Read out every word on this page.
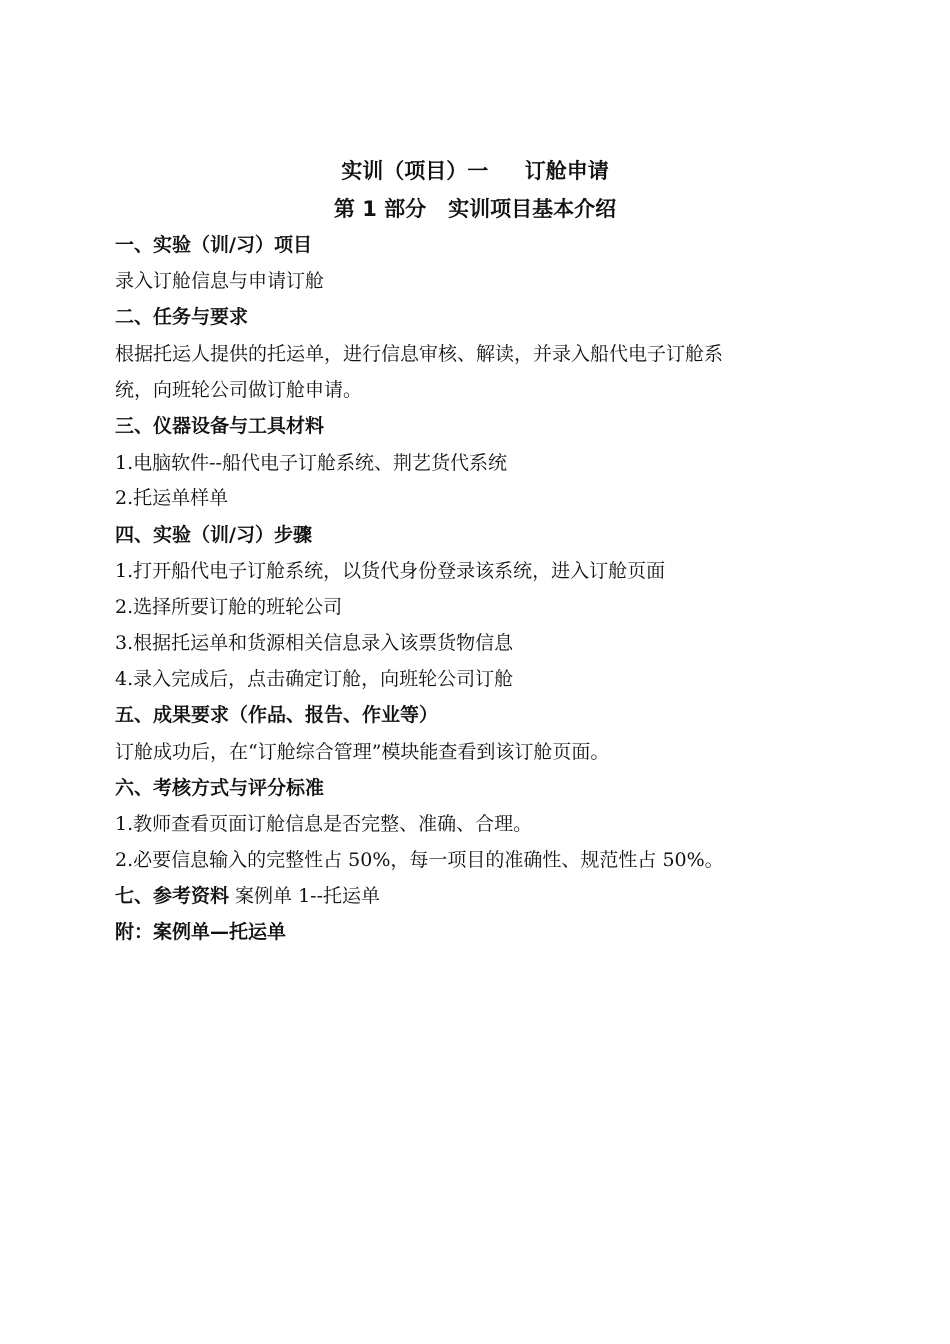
实训（项目）一     订舱申请
第 1 部分   实训项目基本介绍
一、实验（训/习）项目
录入订舱信息与申请订舱
二、任务与要求
根据托运人提供的托运单，进行信息审核、解读，并录入船代电子订舱系
统，向班轮公司做订舱申请。
三、仪器设备与工具材料
1.电脑软件--船代电子订舱系统、荆艺货代系统
2.托运单样单
四、实验（训/习）步骤
1.打开船代电子订舱系统，以货代身份登录该系统，进入订舱页面
2.选择所要订舱的班轮公司
3.根据托运单和货源相关信息录入该票货物信息
4.录入完成后，点击确定订舱，向班轮公司订舱
五、成果要求（作品、报告、作业等）
订舱成功后，在“订舱综合管理”模块能查看到该订舱页面。
六、考核方式与评分标准
1.教师查看页面订舱信息是否完整、准确、合理。
2.必要信息输入的完整性占 50%，每一项目的准确性、规范性占 50%。
七、参考资料 案例单 1--托运单
附：案例单—托运单
